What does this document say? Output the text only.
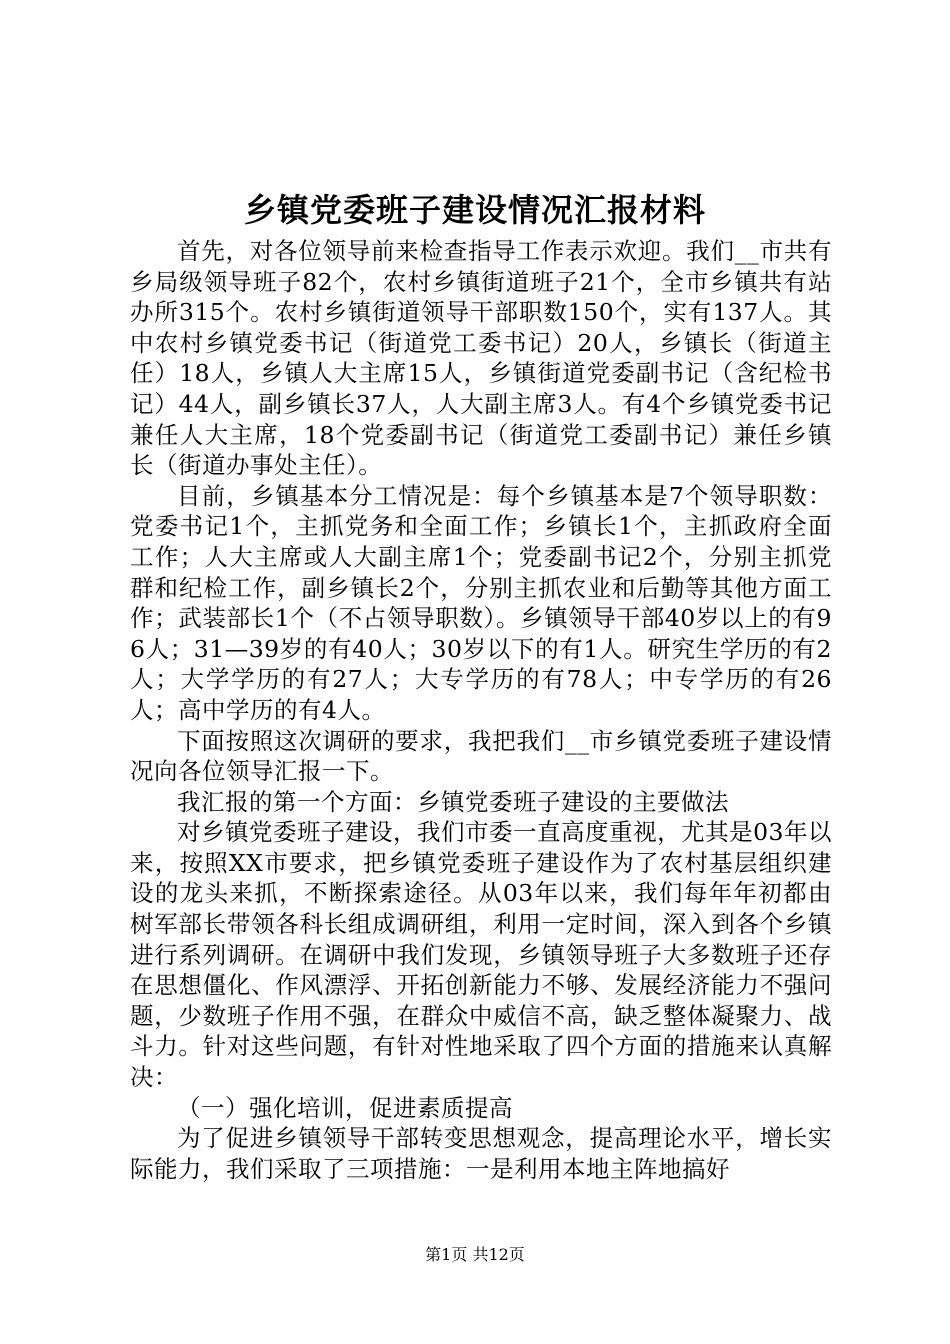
乡镇党委班子建设情况汇报材料

首先，对各位领导前来检查指导工作表示欢迎。我们__市共有乡局级领导班子82个，农村乡镇街道班子21个，全市乡镇共有站办所315个。农村乡镇街道领导干部职数150个，实有137人。其中农村乡镇党委书记（街道党工委书记）20人，乡镇长（街道主任）18人，乡镇人大主席15人，乡镇街道党委副书记（含纪检书记）44人，副乡镇长37人，人大副主席3人。有4个乡镇党委书记兼任人大主席，18个党委副书记（街道党工委副书记）兼任乡镇长（街道办事处主任）。

目前，乡镇基本分工情况是：每个乡镇基本是7个领导职数：党委书记1个，主抓党务和全面工作；乡镇长1个，主抓政府全面工作；人大主席或人大副主席1个；党委副书记2个，分别主抓党群和纪检工作，副乡镇长2个，分别主抓农业和后勤等其他方面工作；武装部长1个（不占领导职数）。乡镇领导干部40岁以上的有96人；31—39岁的有40人；30岁以下的有1人。研究生学历的有2人；大学学历的有27人；大专学历的有78人；中专学历的有26人；高中学历的有4人。

下面按照这次调研的要求，我把我们__市乡镇党委班子建设情况向各位领导汇报一下。

我汇报的第一个方面：乡镇党委班子建设的主要做法

对乡镇党委班子建设，我们市委一直高度重视，尤其是03年以来，按照XX市要求，把乡镇党委班子建设作为了农村基层组织建设的龙头来抓，不断探索途径。从03年以来，我们每年年初都由树军部长带领各科长组成调研组，利用一定时间，深入到各个乡镇进行系列调研。在调研中我们发现，乡镇领导班子大多数班子还存在思想僵化、作风漂浮、开拓创新能力不够、发展经济能力不强问题，少数班子作用不强，在群众中威信不高，缺乏整体凝聚力、战斗力。针对这些问题，有针对性地采取了四个方面的措施来认真解决：

（一）强化培训，促进素质提高

为了促进乡镇领导干部转变思想观念，提高理论水平，增长实际能力，我们采取了三项措施：一是利用本地主阵地搞好

第1页 共12页
